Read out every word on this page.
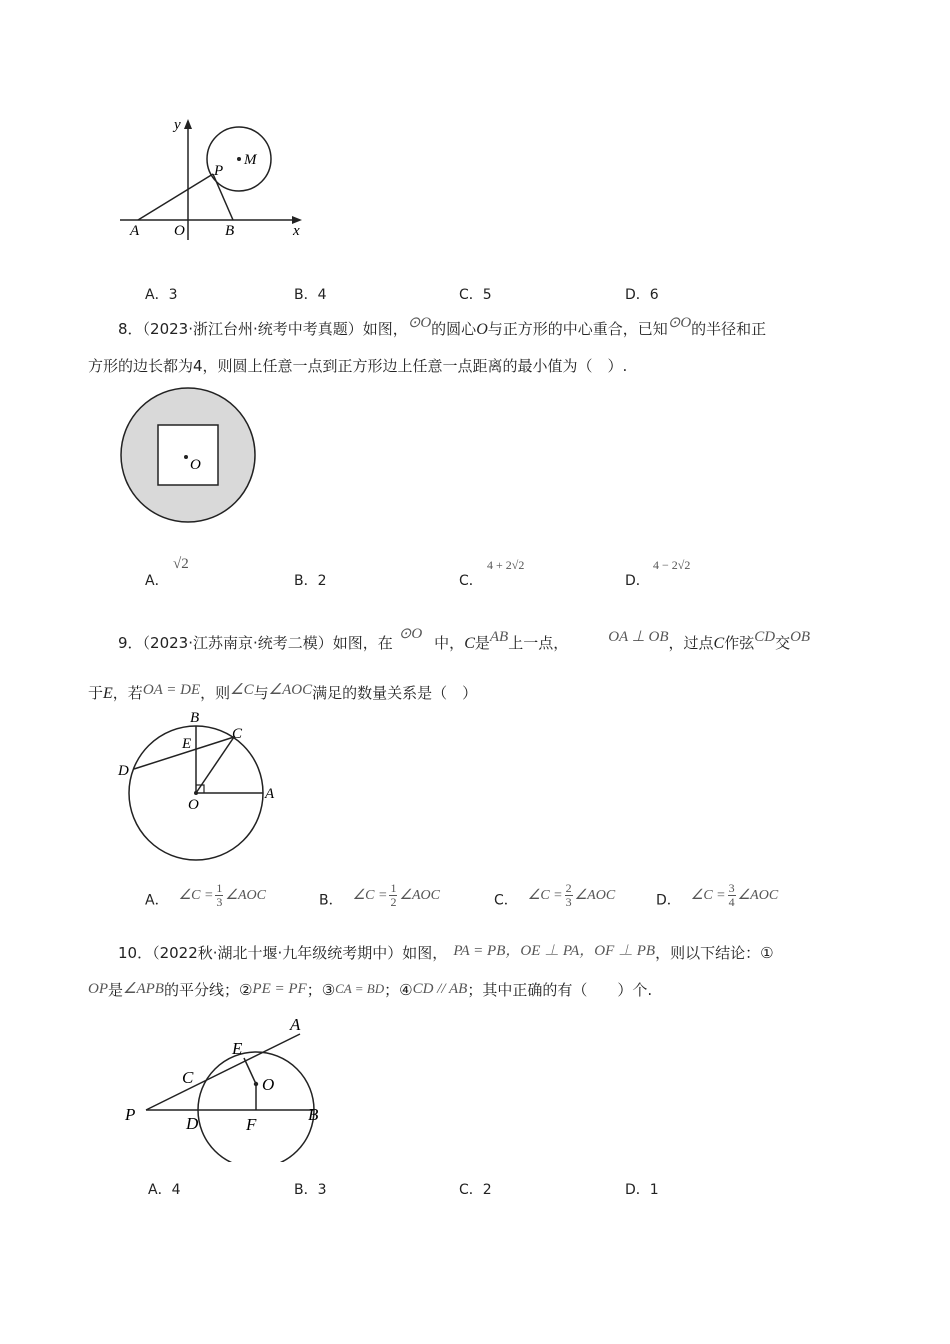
y
x
P
M
A O	B
A．3	B．4	C．5	D．6
8．（2023·浙江台州·统考中考真题）如图，⊙O的圆心O与正方形的中心重合，已知⊙O的半径和正
方形的边长都为4，则圆上任意一点到正方形边上任意一点距离的最小值为（　）.
O
A．
√2
B．2	C．
4 + 2√2
D．
4 − 2√2
9．（2023·江苏南京·统考二模）如图，在 ⊙O 中，C是AB上一点，	OA ⊥ OB，过点C作弦CD交OB
于E，若OA = DE，则∠C与∠AOC满足的数量关系是（　）
B
C
E
D
O
A
A． ∠C = $\frac{1}{3}$ ∠AOC	B． ∠C = $\frac{1}{2}$ ∠AOC	C． ∠C = $\frac{2}{3}$ ∠AOC	D． ∠C = $\frac{3}{4}$ ∠AOC
10．（2022秋·湖北十堰·九年级统考期中）如图， PA = PB，OE ⊥ PA，OF ⊥ PB，则以下结论：①
OP是∠APB的平分线；②PE = PF；③CA = BD；④CD // AB；其中正确的有（　　）个.
A
E
C	O
P	D	F
B
A．4	B．3	C．2	D．1
